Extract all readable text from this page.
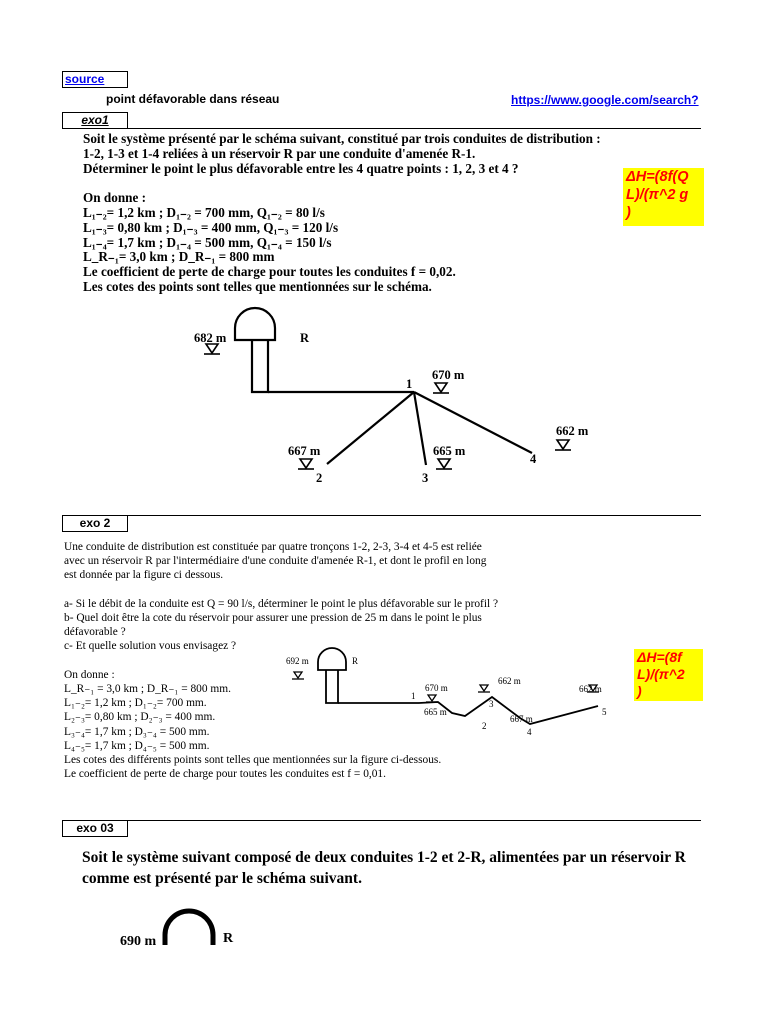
source
point défavorable dans réseau	https://www.google.com/search?
exo1

Soit le système présenté par le schéma suivant, constitué par trois conduites de distribution :

1-2, 1-3 et 1-4 reliées à un réservoir R par une conduite d'amenée R-1.

Déterminer le point le plus défavorable entre les 4 quatre points : 1, 2, 3 et 4 ?

On donne :

L₁₋₂= 1,2 km ; D₁₋₂ = 700 mm, Q₁₋₂ = 80 l/s

L₁₋₃= 0,80 km ; D₁₋₃ = 400 mm, Q₁₋₃ = 120 l/s

L₁₋₄= 1,7 km ; D₁₋₄ = 500 mm, Q₁₋₄ = 150 l/s

L_R₋₁= 3,0 km ; D_R₋₁ = 800 mm

Le coefficient de perte de charge pour toutes les conduites f = 0,02.

Les cotes des points sont telles que mentionnées sur le schéma.

ΔH=(8f(Q
L)/(π^2 g
)
682 m	R
1
670 m
667 m
2
665 m
3
662 m
4
exo 2

Une conduite de distribution est constituée par quatre tronçons 1-2, 2-3, 3-4 et 4-5 est reliée

avec un réservoir R par l'intermédiaire d'une conduite d'amenée R-1, et dont le profil en long

est donnée par la figure ci dessous.

a- Si le débit de la conduite est Q = 90 l/s, déterminer le point le plus défavorable sur le profil ?

b- Quel doit être la cote du réservoir pour assurer une pression de 25 m dans le point le plus

défavorable ?

c- Et quelle solution vous envisagez ?

On donne :

L_R₋₁ = 3,0 km ; D_R₋₁ = 800 mm.

L₁₋₂= 1,2 km ; D₁₋₂= 700 mm.

L₂₋₃= 0,80 km ; D₂₋₃ = 400 mm.

L₃₋₄= 1,7 km ; D₃₋₄ = 500 mm.

L₄₋₅= 1,7 km ; D₄₋₅ = 500 mm.

Les cotes des différents points sont telles que mentionnées sur la figure ci-dessous.

Le coefficient de perte de charge pour toutes les conduites est f = 0,01.

ΔH=(8f
L)/(π^2
)
692 m	R
1
670 m
665 m
2
3
662 m
667 m
4
5
662 m
exo 03

Soit le système suivant composé de deux conduites 1-2 et 2-R, alimentées par un réservoir R

comme est présenté par le schéma suivant.

690 m	R
